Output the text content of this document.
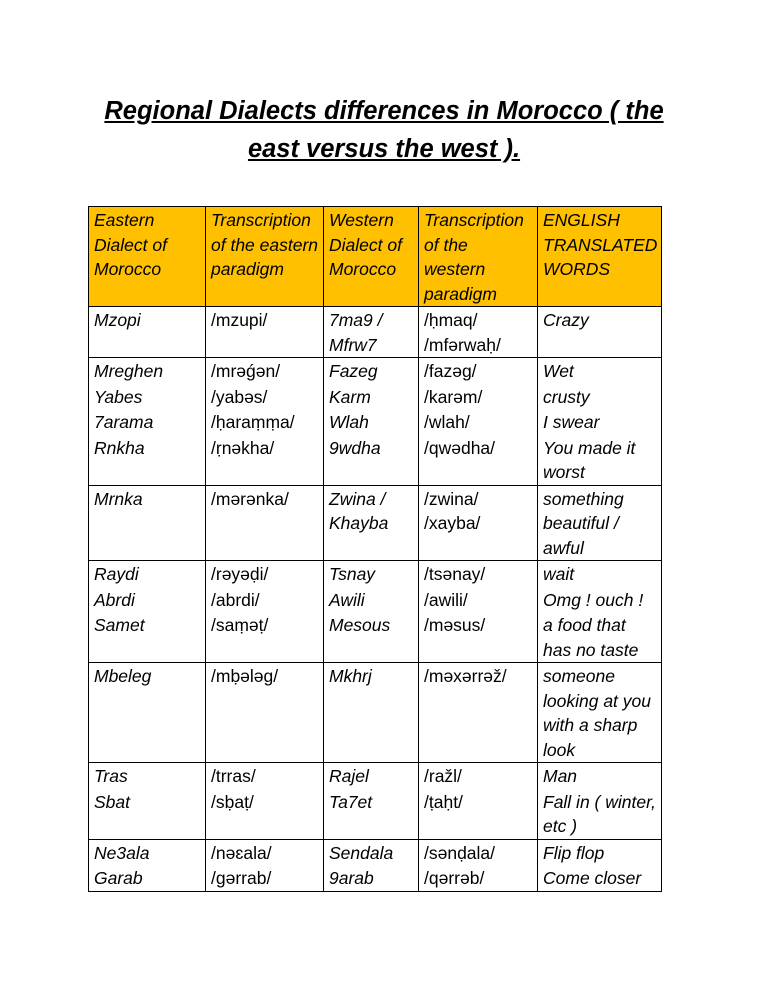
Regional Dialects differences in Morocco ( the
east versus the west ).
Eastern Dialect of Morocco	Transcription of the eastern paradigm	Western Dialect of Morocco	Transcription of the western paradigm	ENGLISH TRANSLATED WORDS
Mzopi	/mzupi/	7ma9 / Mfrw7	/ḥmaq/ /mfərwaḥ/	Crazy
Mreghen	/mrəǵən/	Fazeg	/fazəg/	Wet
Yabes	/yabəs/	Karm	/karəm/	crusty
7arama	/ḥaraṃṃa/	Wlah	/wlah/	I swear
Rnkha	/ṛnəkha/	9wdha	/qwədha/	You made it worst
Mrnka	/mərənka/	Zwina / Khayba	/zwina/ /xayba/	something beautiful / awful
Raydi	/rəyəḍi/	Tsnay	/tsənay/	wait
Abrdi	/abrdi/	Awili	/awili/	Omg ! ouch !
Samet	/saṃəṭ/	Mesous	/məsus/	a food that has no taste
Mbeleg	/mḅələg/	Mkhrj	/məxərrəž/	someone looking at you with a sharp look
Tras	/trras/	Rajel	/ražl/	Man
Sbat	/sḅaṭ/	Ta7et	/ṭaḥt/	Fall in ( winter, etc )
Ne3ala	/nəɛala/	Sendala	/sənḍala/	Flip flop
Garab	/gərrab/	9arab	/qərrəb/	Come closer
